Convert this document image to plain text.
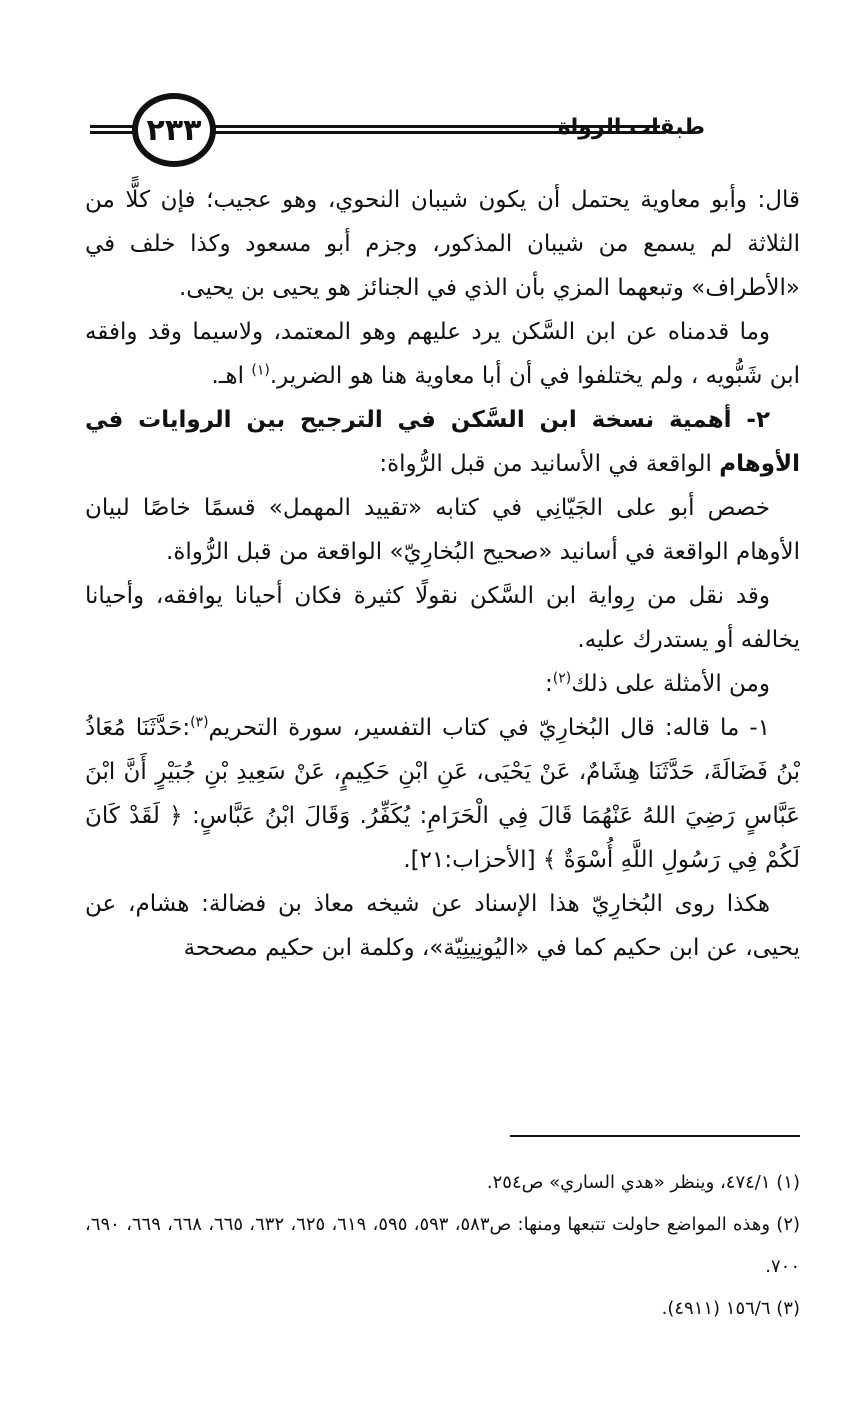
٢٣٣	طبقات الرواة

قال: وأبو معاوية يحتمل أن يكون شيبان النحوي، وهو عجيب؛ فإن كلًّا من الثلاثة لم يسمع من شيبان المذكور، وجزم أبو مسعود وكذا خلف في «الأطراف» وتبعهما المزي بأن الذي في الجنائز هو يحيى بن يحيى.

وما قدمناه عن ابن السَّكن يرد عليهم وهو المعتمد، ولاسيما وقد وافقه ابن شَبُّويه ، ولم يختلفوا في أن أبا معاوية هنا هو الضرير.$^{(١)}$ اهـ.

٢- أهمية نسخة ابن السَّكن في الترجيح بين الروايات في الأوهام الواقعة في الأسانيد من قبل الرُّواة:

خصص أبو على الجَيّانِي في كتابه «تقييد المهمل» قسمًا خاصًا لبيان الأوهام الواقعة في أسانيد «صحيح البُخارِيّ» الواقعة من قبل الرُّواة.

وقد نقل من رِواية ابن السَّكن نقولًا كثيرة فكان أحيانا يوافقه، وأحيانا يخالفه أو يستدرك عليه.

ومن الأمثلة على ذلك$^{(٢)}$:

١- ما قاله: قال البُخارِيّ في كتاب التفسير، سورة التحريم$^{(٣)}$:حَدَّثَنَا مُعَاذُ بْنُ فَضَالَةَ، حَدَّثَنَا هِشَامٌ، عَنْ يَحْيَى، عَنِ ابْنِ حَكِيمٍ، عَنْ سَعِيدِ بْنِ جُبَيْرٍ أَنَّ ابْنَ عَبَّاسٍ رَضِيَ اللهُ عَنْهُمَا قَالَ فِي الْحَرَامِ: يُكَفِّرُ. وَقَالَ ابْنُ عَبَّاسٍ: ﴿ لَقَدْ كَانَ لَكُمْ فِي رَسُولِ اللَّهِ أُسْوَةٌ ﴾ [الأحزاب:٢١].

هكذا روى البُخارِيّ هذا الإسناد عن شيخه معاذ بن فضالة: هشام، عن يحيى، عن ابن حكيم كما في «اليُونِينِيّة»، وكلمة ابن حكيم مصححة

(١) ٤٧٤/١، وينظر «هدي الساري» ص٢٥٤.

(٢) وهذه المواضع حاولت تتبعها ومنها: ص٥٨٣، ٥٩٣، ٥٩٥، ٦١٩، ٦٢٥، ٦٣٢، ٦٦٥، ٦٦٨، ٦٦٩، ٦٩٠، ٧٠٠.

(٣) ١٥٦/٦ (٤٩١١).
